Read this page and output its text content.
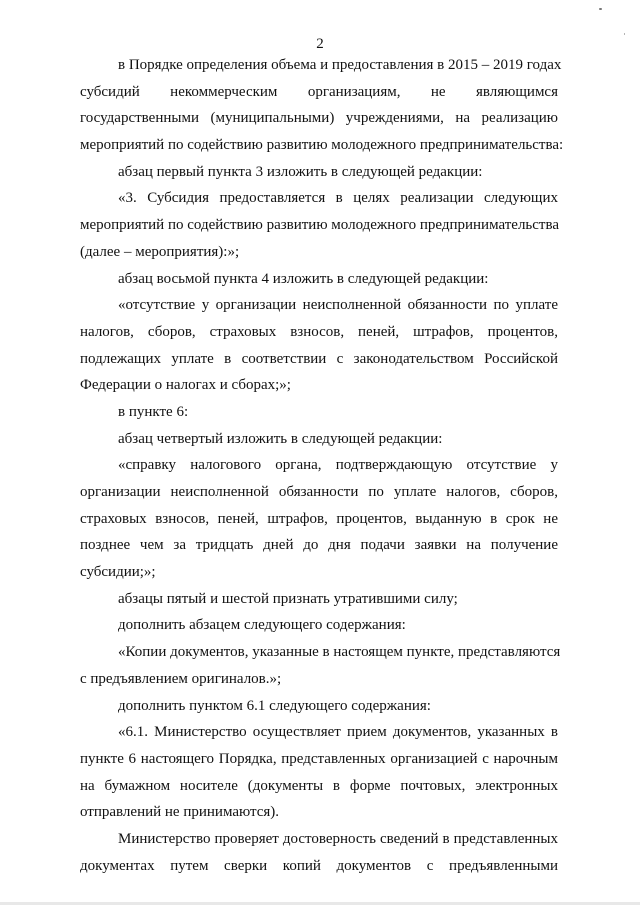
˙
2
в Порядке определения объема и предоставления в 2015 – 2019 годах
субсидий некоммерческим организациям, не являющимся
государственными (муниципальными) учреждениями, на реализацию
мероприятий по содействию развитию молодежного предпринимательства:
абзац первый пункта 3 изложить в следующей редакции:
«3. Субсидия предоставляется в целях реализации следующих
мероприятий по содействию развитию молодежного предпринимательства
(далее – мероприятия):»;
абзац восьмой пункта 4 изложить в следующей редакции:
«отсутствие у организации неисполненной обязанности по уплате
налогов, сборов, страховых взносов, пеней, штрафов, процентов,
подлежащих уплате в соответствии с законодательством Российской
Федерации о налогах и сборах;»;
в пункте 6:
абзац четвертый изложить в следующей редакции:
«справку налогового органа, подтверждающую отсутствие у
организации неисполненной обязанности по уплате налогов, сборов,
страховых взносов, пеней, штрафов, процентов, выданную в срок не
позднее чем за тридцать дней до дня подачи заявки на получение
субсидии;»;
абзацы пятый и шестой признать утратившими силу;
дополнить абзацем следующего содержания:
«Копии документов, указанные в настоящем пункте, представляются
с предъявлением оригиналов.»;
дополнить пунктом 6.1 следующего содержания:
«6.1. Министерство осуществляет прием документов, указанных в
пункте 6 настоящего Порядка, представленных организацией с нарочным
на бумажном носителе (документы в форме почтовых, электронных
отправлений не принимаются).
Министерство проверяет достоверность сведений в представленных
документах путем сверки копий документов с предъявленными
